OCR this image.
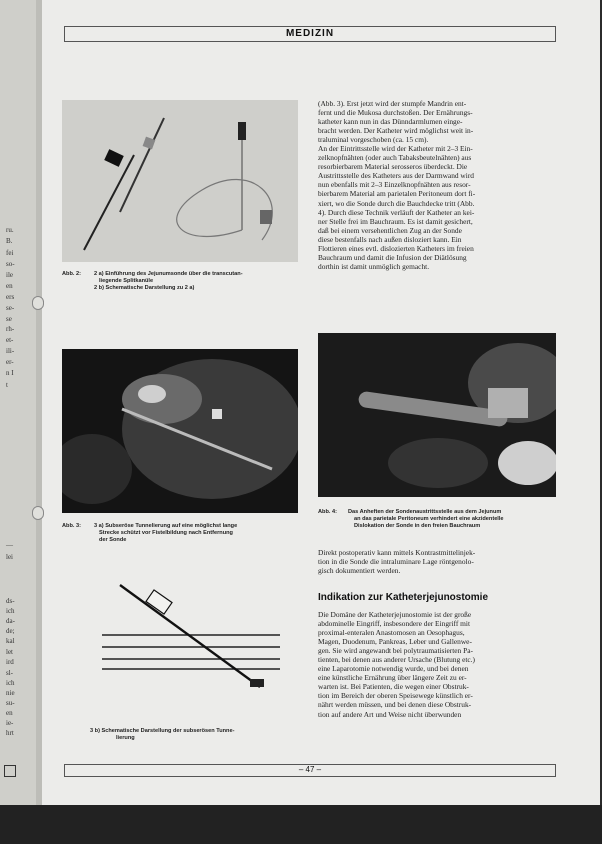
ru.
B.
fei
so-
ile
en
ers
se-
se
rh-
et-
ili-
er-
n I
t
—
lei
ds-
ich
da-
de;
kal
let
ird
sl-
ich
nie
su-
en
ie-
hrt
MEDIZIN
Abb. 2: 2 a) Einführung des Jejunumsonde über die transcutan-
liegende Splitkanüle
2 b) Schematische Darstellung zu 2 a)
Abb. 3: 3 a) Subseröse Tunnelierung auf eine möglichst lange
Strecke schützt vor Fistelbildung nach Entfernung
der Sonde
3 b) Schematische Darstellung der subserösen Tunne-
lierung
Abb. 4: Das Anheften der Sondenaustrittsstelle aus dem Jejunum
an das parietale Peritoneum verhindert eine akzidentelle
Dislokation der Sonde in den freien Bauchraum

(Abb. 3). Erst jetzt wird der stumpfe Mandrin ent-

fernt und die Mukosa durchstoßen. Der Ernährungs-

katheter kann nun in das Dünndarmlumen einge-

bracht werden. Der Katheter wird möglichst weit in-

traluminal vorgeschoben (ca. 15 cm).

An der Eintrittsstelle wird der Katheter mit 2–3 Ein-

zelknopfnähten (oder auch Tabaksbeutelnähten) aus

resorbierbarem Material serosseros überdeckt. Die

Austrittsstelle des Katheters aus der Darmwand wird

nun ebenfalls mit 2–3 Einzelknopfnähten aus resor-

bierbarem Material am parietalen Peritoneum dort fi-

xiert, wo die Sonde durch die Bauchdecke tritt (Abb.

4). Durch diese Technik verläuft der Katheter an kei-

ner Stelle frei im Bauchraum. Es ist damit gesichert,

daß bei einem versehentlichen Zug an der Sonde

diese bestenfalls nach außen disloziert kann. Ein

Flottieren eines evtl. dislozierten Katheters im freien

Bauchraum und damit die Infusion der Diätlösung

dorthin ist damit unmöglich gemacht.

Direkt postoperativ kann mittels Kontrastmittelinjek-

tion in die Sonde die intraluminare Lage röntgenolo-

gisch dokumentiert werden.

Indikation zur Katheterjejunostomie

Die Domäne der Katheterjejunostomie ist der große

abdominelle Eingriff, insbesondere der Eingriff mit

proximal-enteralen Anastomosen an Oesophagus,

Magen, Duodenum, Pankreas, Leber und Gallenwe-

gen. Sie wird angewandt bei polytraumatisierten Pa-

tienten, bei denen aus anderer Ursache (Blutung etc.)

eine Laparotomie notwendig wurde, und bei denen

eine künstliche Ernährung über längere Zeit zu er-

warten ist. Bei Patienten, die wegen einer Obstruk-

tion im Bereich der oberen Speisewege künstlich er-

nährt werden müssen, und bei denen diese Obstruk-

tion auf andere Art und Weise nicht überwunden

– 47 –
